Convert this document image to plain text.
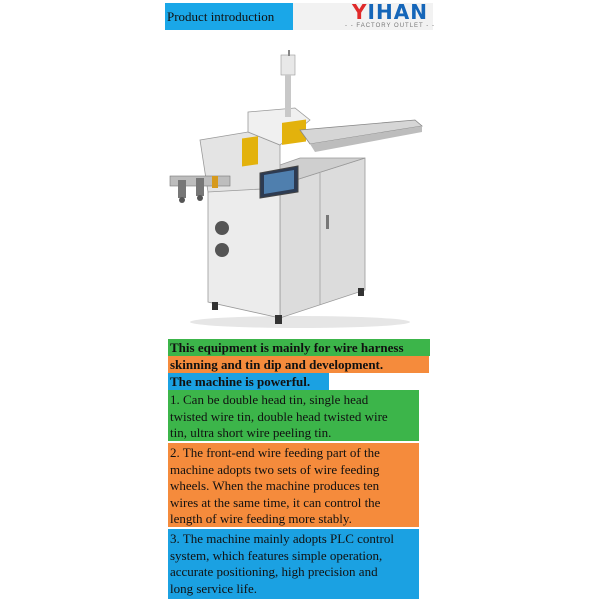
Product introduction	YIHAN
- - FACTORY OUTLET - -
This equipment is mainly for wire harness
skinning and tin dip and development.
The machine is powerful.
1. Can be double head tin, single head
twisted wire tin, double head twisted wire
tin, ultra short wire peeling tin.
2. The front-end wire feeding part of the
machine adopts two sets of wire feeding
wheels. When the machine produces ten
wires at the same time, it can control the
length of wire feeding more stably.
3. The machine mainly adopts PLC control
system, which features simple operation,
accurate positioning, high precision and
long service life.
